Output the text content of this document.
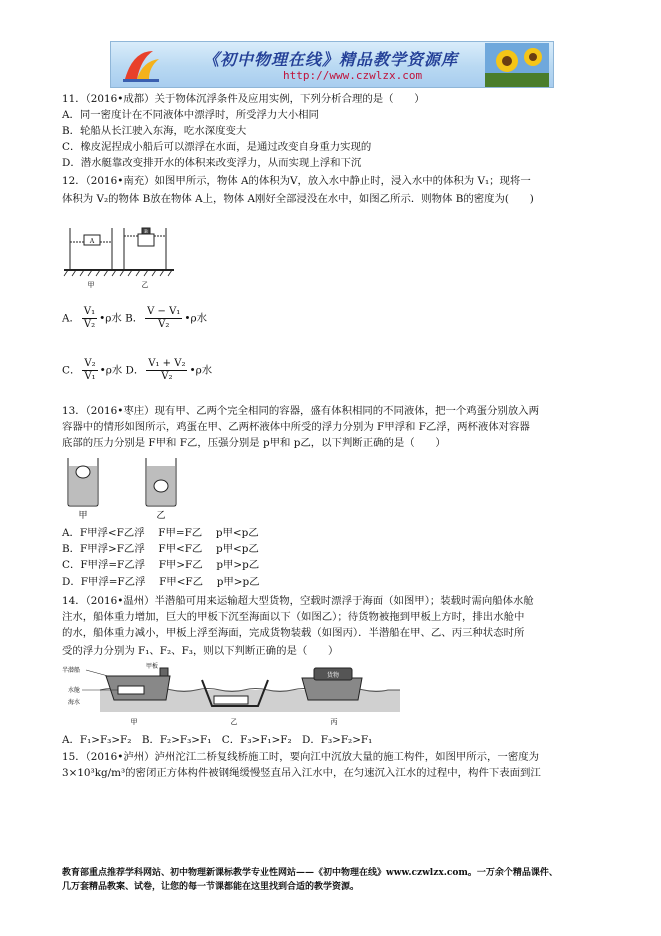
《初中物理在线》精品教学资源库
http://www.czwlzx.com
11．（2016•成都）关于物体沉浮条件及应用实例，下列分析合理的是（　　）
A．同一密度计在不同液体中漂浮时，所受浮力大小相同
B．轮船从长江驶入东海，吃水深度变大
C．橡皮泥捏成小船后可以漂浮在水面，是通过改变自身重力实现的
D．潜水艇靠改变排开水的体积来改变浮力，从而实现上浮和下沉
12．（2016•南充）如图甲所示，物体 A的体积为V，放入水中静止时，浸入水中的体积为 V₁；现将一
体积为 V₂的物体 B放在物体 A上，物体 A刚好全部浸没在水中，如图乙所示．则物体 B的密度为(　　)
A
B
甲	乙
A． $\frac{\text{V₁}}{\text{V₂}}$ •ρ水 B． $\frac{\text{V − V₁}}{\text{V₂}}$ •ρ水
C． $\frac{\text{V₂}}{\text{V₁}}$ •ρ水 D． $\frac{\text{V₁ + V₂}}{\text{V₂}}$ •ρ水
13．（2016•枣庄）现有甲、乙两个完全相同的容器，盛有体积相同的不同液体，把一个鸡蛋分别放入两
容器中的情形如图所示，鸡蛋在甲、乙两杯液体中所受的浮力分别为 F甲浮和 F乙浮，两杯液体对容器
底部的压力分别是 F甲和 F乙，压强分别是 p甲和 p乙，以下判断正确的是（　　）
甲	乙
A．F甲浮<F乙浮　 F甲=F乙　 p甲<p乙
B．F甲浮>F乙浮　 F甲<F乙　 p甲<p乙
C．F甲浮=F乙浮　 F甲>F乙　 p甲>p乙
D．F甲浮=F乙浮　 F甲<F乙　 p甲>p乙
14．（2016•温州）半潜船可用来运输超大型货物，空载时漂浮于海面（如图甲）；装载时需向船体水舱
注水，船体重力增加，巨大的甲板下沉至海面以下（如图乙）；待货物被拖到甲板上方时，排出水舱中
的水，船体重力减小，甲板上浮至海面，完成货物装载（如图丙）．半潜船在甲、乙、丙三种状态时所
受的浮力分别为 F₁、F₂、F₃，则以下判断正确的是（　　）
货物
半潜船
水舱
海水
甲板
甲	乙	丙
A．F₁>F₃>F₂　B．F₂>F₃>F₁　C．F₃>F₁>F₂　D．F₃>F₂>F₁
15．（2016•泸州）泸州沱江二桥复线桥施工时，要向江中沉放大量的施工构件，如图甲所示，一密度为
3×10³kg/m³的密闭正方体构件被钢绳缓慢竖直吊入江水中，在匀速沉入江水的过程中，构件下表面到江
教育部重点推荐学科网站、初中物理新课标教学专业性网站——《初中物理在线》www.czwlzx.com。一万余个精品课件、
几万套精品教案、试卷，让您的每一节课都能在这里找到合适的教学资源。
